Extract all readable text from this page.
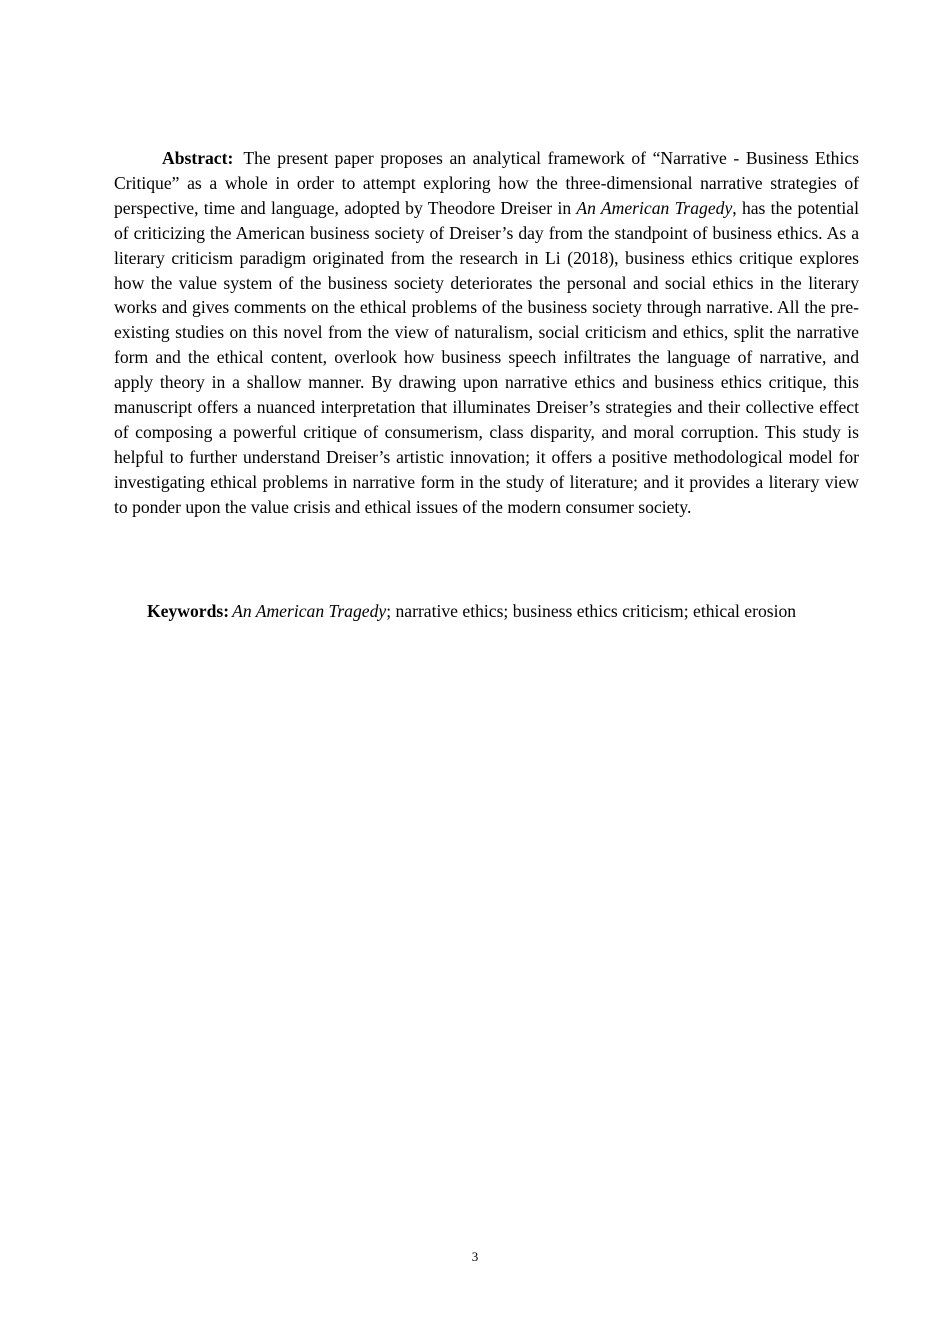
Abstract: The present paper proposes an analytical framework of “Narrative - Business Ethics Critique” as a whole in order to attempt exploring how the three-dimensional narrative strategies of perspective, time and language, adopted by Theodore Dreiser in An American Tragedy, has the potential of criticizing the American business society of Dreiser’s day from the standpoint of business ethics. As a literary criticism paradigm originated from the research in Li (2018), business ethics critique explores how the value system of the business society deteriorates the personal and social ethics in the literary works and gives comments on the ethical problems of the business society through narrative. All the pre-existing studies on this novel from the view of naturalism, social criticism and ethics, split the narrative form and the ethical content, overlook how business speech infiltrates the language of narrative, and apply theory in a shallow manner. By drawing upon narrative ethics and business ethics critique, this manuscript offers a nuanced interpretation that illuminates Dreiser’s strategies and their collective effect of composing a powerful critique of consumerism, class disparity, and moral corruption. This study is helpful to further understand Dreiser’s artistic innovation; it offers a positive methodological model for investigating ethical problems in narrative form in the study of literature; and it provides a literary view to ponder upon the value crisis and ethical issues of the modern consumer society.

Keywords: An American Tragedy; narrative ethics; business ethics criticism; ethical erosion

3
